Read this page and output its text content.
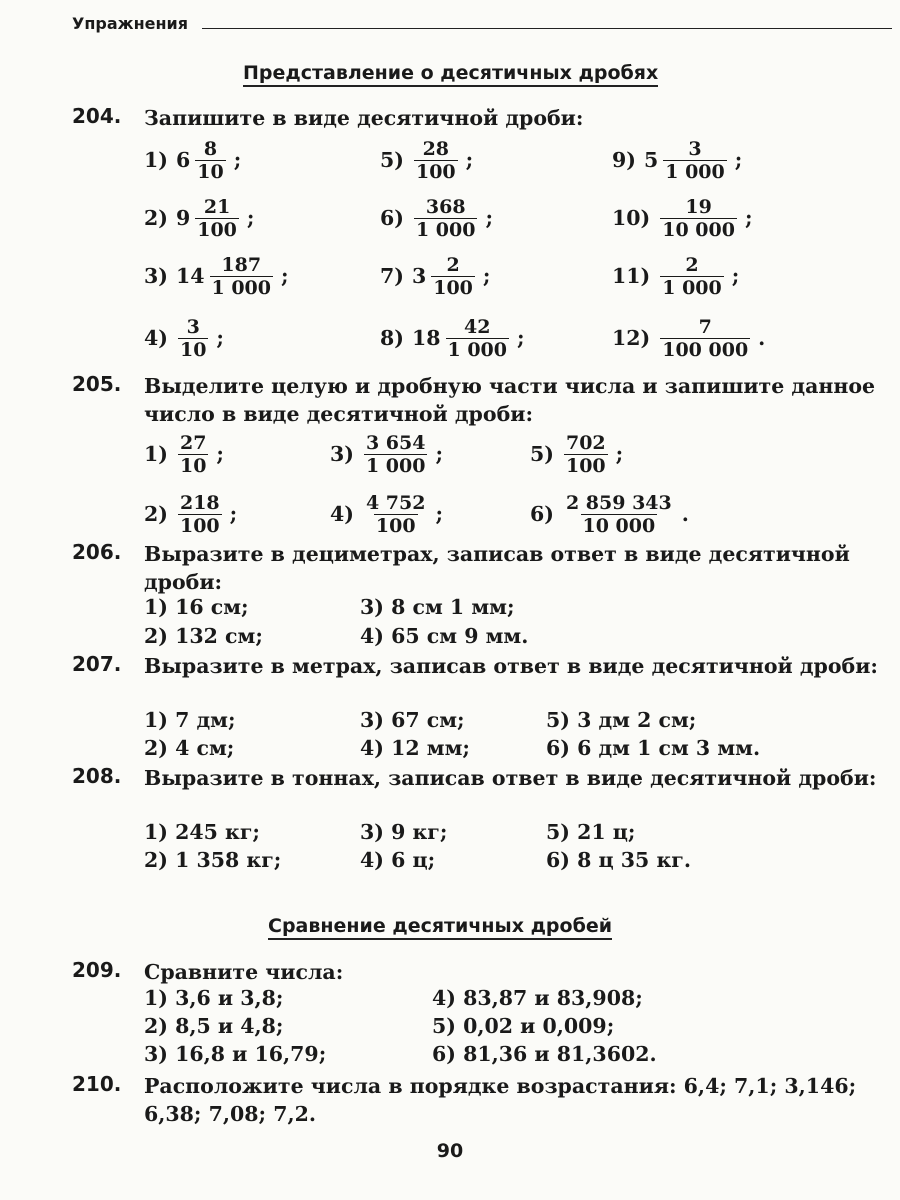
Упражнения
Представление о десятичных дробях
204. Запишите в виде десятичной дроби:
1) $6 \frac{8}{10}$ ;
2) $9 \frac{21}{100}$ ;
3) $14 \frac{187}{1 000}$ ;
$4) \frac{3}{10}$ ;
$5) \frac{28}{100}$ ;
$6) \frac{368}{1 000}$ ;
7) $3 \frac{2}{100}$ ;
8) $18 \frac{42}{1 000}$ ;
9) $5 \frac{3}{1 000}$ ;
$10) \frac{19}{10 000}$ ;
$11) \frac{2}{1 000}$ ;
$12) \frac{7}{100 000}$ .
205. Выделите целую и дробную части числа и запишите данное число в виде десятичной дроби:
$1) \frac{27}{10}$ ;
$2) \frac{218}{100}$ ;
$3) \frac{3 654}{1 000}$ ;
$4) \frac{4 752}{100}$ ;
$5) \frac{702}{100}$ ;
$6) \frac{2 859 343}{10 000}$ .
206. Выразите в дециметрах, записав ответ в виде десятичной дроби:
1) 16 см;
2) 132 см;
3) 8 см 1 мм;
4) 65 см 9 мм.
207. Выразите в метрах, записав ответ в виде десятичной дроби:
1) 7 дм;
2) 4 см;
3) 67 см;
4) 12 мм;
5) 3 дм 2 см;
6) 6 дм 1 см 3 мм.
208. Выразите в тоннах, записав ответ в виде десятичной дроби:
1) 245 кг;
2) 1 358 кг;
3) 9 кг;
4) 6 ц;
5) 21 ц;
6) 8 ц 35 кг.
Сравнение десятичных дробей
209. Сравните числа:
1) 3,6 и 3,8;
2) 8,5 и 4,8;
3) 16,8 и 16,79;
4) 83,87 и 83,908;
5) 0,02 и 0,009;
6) 81,36 и 81,3602.
210. Расположите числа в порядке возрастания: 6,4; 7,1; 3,146; 6,38; 7,08; 7,2.
90
